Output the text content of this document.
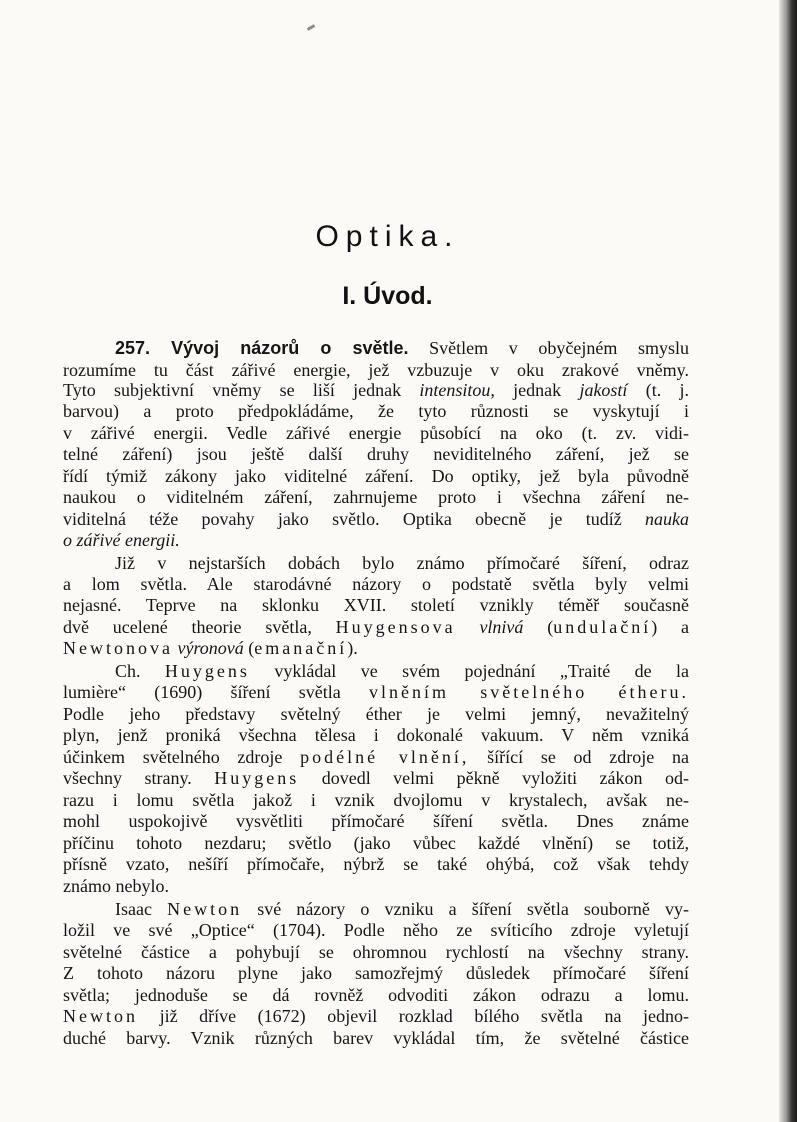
Optika.
I. Úvod.
257. Vývoj názorů o světle. Světlem v obyčejném smyslu
rozumíme tu část zářivé energie, jež vzbuzuje v oku zrakové vněmy.
Tyto subjektivní vněmy se liší jednak intensitou, jednak jakostí (t. j.
barvou) a proto předpokládáme, že tyto různosti se vyskytují i
v zářivé energii. Vedle zářivé energie působící na oko (t. zv. vidi-
telné záření) jsou ještě další druhy neviditelného záření, jež se
řídí týmiž zákony jako viditelné záření. Do optiky, jež byla původně
naukou o viditelném záření, zahrnujeme proto i všechna záření ne-
viditelná téže povahy jako světlo. Optika obecně je tudíž nauka
o zářivé energii.
Již v nejstarších dobách bylo známo přímočaré šíření, odraz
a lom světla. Ale starodávné názory o podstatě světla byly velmi
nejasné. Teprve na sklonku XVII. století vznikly téměř současně
dvě ucelené theorie světla, Huygensova vlnivá (undulační) a
Newtonova výronová (emanační).
Ch. Huygens vykládal ve svém pojednání „Traité de la
lumière“ (1690) šíření světla vlněním světelného étheru.
Podle jeho představy světelný éther je velmi jemný, nevažitelný
plyn, jenž proniká všechna tělesa i dokonalé vakuum. V něm vzniká
účinkem světelného zdroje podélné vlnění, šířící se od zdroje na
všechny strany. Huygens dovedl velmi pěkně vyložiti zákon od-
razu i lomu světla jakož i vznik dvojlomu v krystalech, avšak ne-
mohl uspokojivě vysvětliti přímočaré šíření světla. Dnes známe
příčinu tohoto nezdaru; světlo (jako vůbec každé vlnění) se totiž,
přísně vzato, nešíří přímočaře, nýbrž se také ohýbá, což však tehdy
známo nebylo.
Isaac Newton své názory o vzniku a šíření světla souborně vy-
ložil ve své „Optice“ (1704). Podle něho ze svíticího zdroje vyletují
světelné částice a pohybují se ohromnou rychlostí na všechny strany.
Z tohoto názoru plyne jako samozřejmý důsledek přímočaré šíření
světla; jednoduše se dá rovněž odvoditi zákon odrazu a lomu.
Newton již dříve (1672) objevil rozklad bílého světla na jedno-
duché barvy. Vznik různých barev vykládal tím, že světelné částice
